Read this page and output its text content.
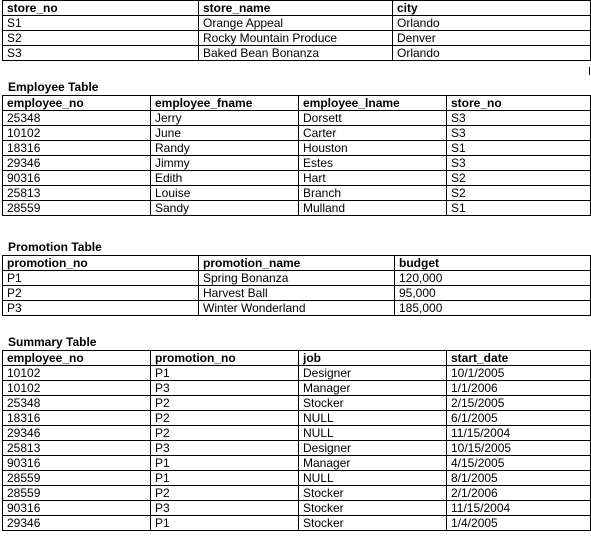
store_no	store_name	city
S1	Orange Appeal	Orlando
S2	Rocky Mountain Produce	Denver
S3	Baked Bean Bonanza	Orlando
Employee Table
employee_no	employee_fname	employee_lname	store_no
25348	Jerry	Dorsett	S3
10102	June	Carter	S3
18316	Randy	Houston	S1
29346	Jimmy	Estes	S3
90316	Edith	Hart	S2
25813	Louise	Branch	S2
28559	Sandy	Mulland	S1
Promotion Table
promotion_no	promotion_name	budget
P1	Spring Bonanza	120,000
P2	Harvest Ball	95,000
P3	Winter Wonderland	185,000
Summary Table
employee_no	promotion_no	job	start_date
10102	P1	Designer	10/1/2005
10102	P3	Manager	1/1/2006
25348	P2	Stocker	2/15/2005
18316	P2	NULL	6/1/2005
29346	P2	NULL	11/15/2004
25813	P3	Designer	10/15/2005
90316	P1	Manager	4/15/2005
28559	P1	NULL	8/1/2005
28559	P2	Stocker	2/1/2006
90316	P3	Stocker	11/15/2004
29346	P1	Stocker	1/4/2005
